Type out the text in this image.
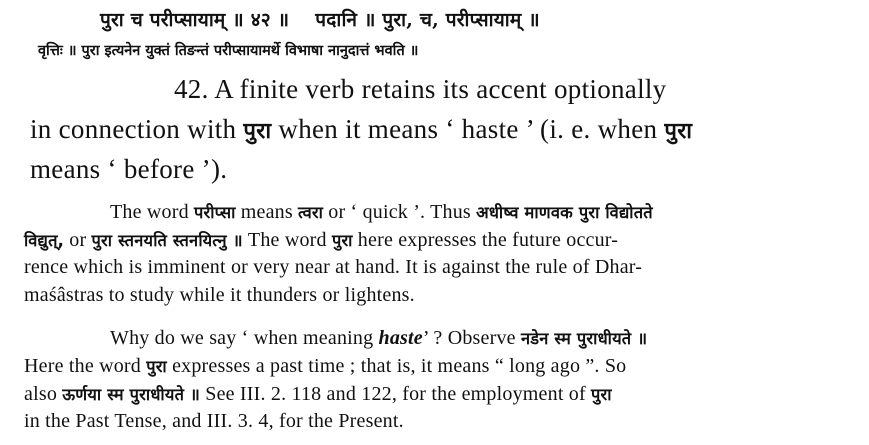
पुरा च परीप्सायाम् ॥ ४२ ॥ पदानि ॥ पुरा, च, परीप्सायाम् ॥
वृत्तिः ॥ पुरा इत्यनेन युक्तं तिङन्तं परीप्सायामर्थे विभाषा नानुदात्तं भवति ॥
42. A finite verb retains its accent optionally
in connection with पुरा when it means ‘ haste ’ (i. e. when पुरा
means ‘ before ’).
The word परीप्सा means त्वरा or ‘ quick ’. Thus अधीष्व माणवक पुरा विद्योतते
विद्युत्, or पुरा स्तनयति स्तनयित्नु ॥ The word पुरा here expresses the future occur-
rence which is imminent or very near at hand. It is against the rule of Dhar-
maśâstras to study while it thunders or lightens.
Why do we say ‘ when meaning haste’ ? Observe नडेन स्म पुराधीयते ॥
Here the word पुरा expresses a past time ; that is, it means “ long ago ”. So
also ऊर्णया स्म पुराधीयते ॥ See III. 2. 118 and 122, for the employment of पुरा
in the Past Tense, and III. 3. 4, for the Present.
